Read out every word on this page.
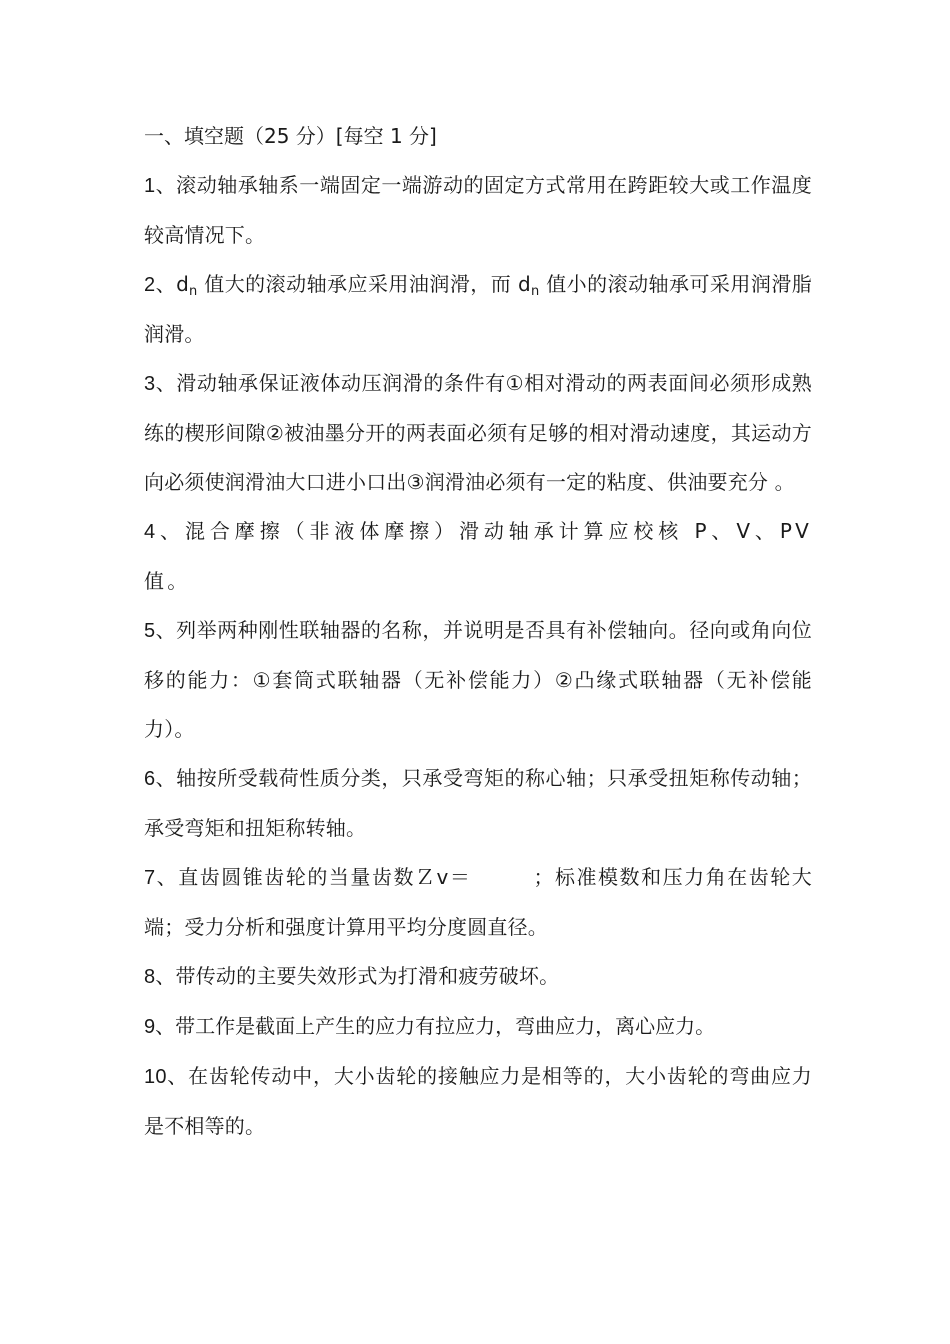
一、填空题（25 分）[每空 1 分]

1、滚动轴承轴系一端固定一端游动的固定方式常用在跨距较大或工作温度较高情况下。

2、$d_n$ 值大的滚动轴承应采用油润滑，而 $d_n$ 值小的滚动轴承可采用润滑脂润滑。

3、滑动轴承保证液体动压润滑的条件有①相对滑动的两表面间必须形成熟练的楔形间隙②被油墨分开的两表面必须有足够的相对滑动速度，其运动方向必须使润滑油大口进小口出③润滑油必须有一定的粘度、供油要充分 。

4、混合摩擦（非液体摩擦）滑动轴承计算应校核 P、V、PV 值。

5、列举两种刚性联轴器的名称，并说明是否具有补偿轴向。径向或角向位移的能力：①套筒式联轴器（无补偿能力）②凸缘式联轴器（无补偿能力）。

6、轴按所受载荷性质分类，只承受弯矩的称心轴；只承受扭矩称传动轴；承受弯矩和扭矩称转轴。

7、直齿圆锥齿轮的当量齿数Ｚv＝	；标准模数和压力角在齿轮大端；受力分析和强度计算用平均分度圆直径。

8、带传动的主要失效形式为打滑和疲劳破坏。

9、带工作是截面上产生的应力有拉应力，弯曲应力，离心应力。

10、在齿轮传动中，大小齿轮的接触应力是相等的，大小齿轮的弯曲应力是不相等的。
